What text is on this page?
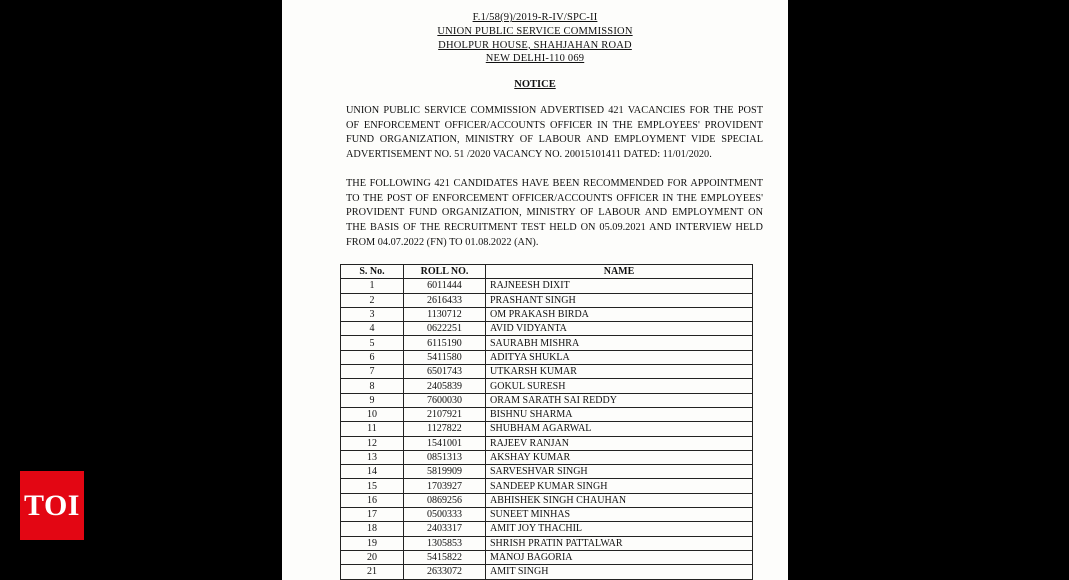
F.1/58(9)/2019-R-IV/SPC-II
UNION PUBLIC SERVICE COMMISSION
DHOLPUR HOUSE, SHAHJAHAN ROAD
NEW DELHI-110 069
NOTICE

UNION PUBLIC SERVICE COMMISSION ADVERTISED 421 VACANCIES FOR THE POST OF ENFORCEMENT OFFICER/ACCOUNTS OFFICER IN THE EMPLOYEES' PROVIDENT FUND ORGANIZATION, MINISTRY OF LABOUR AND EMPLOYMENT VIDE SPECIAL ADVERTISEMENT NO. 51 /2020 VACANCY NO. 20015101411 DATED: 11/01/2020.

THE FOLLOWING 421 CANDIDATES HAVE BEEN RECOMMENDED FOR APPOINTMENT TO THE POST OF ENFORCEMENT OFFICER/ACCOUNTS OFFICER IN THE EMPLOYEES' PROVIDENT FUND ORGANIZATION, MINISTRY OF LABOUR AND EMPLOYMENT ON THE BASIS OF THE RECRUITMENT TEST HELD ON 05.09.2021 AND INTERVIEW HELD FROM 04.07.2022 (FN) TO 01.08.2022 (AN).

S. No.	ROLL NO.	NAME
1	6011444	RAJNEESH DIXIT
2	2616433	PRASHANT SINGH
3	1130712	OM PRAKASH BIRDA
4	0622251	AVID VIDYANTA
5	6115190	SAURABH MISHRA
6	5411580	ADITYA SHUKLA
7	6501743	UTKARSH KUMAR
8	2405839	GOKUL SURESH
9	7600030	ORAM SARATH SAI REDDY
10	2107921	BISHNU SHARMA
11	1127822	SHUBHAM AGARWAL
12	1541001	RAJEEV RANJAN
13	0851313	AKSHAY KUMAR
14	5819909	SARVESHVAR SINGH
15	1703927	SANDEEP KUMAR SINGH
16	0869256	ABHISHEK SINGH CHAUHAN
17	0500333	SUNEET MINHAS
18	2403317	AMIT JOY THACHIL
19	1305853	SHRISH PRATIN PATTALWAR
20	5415822	MANOJ BAGORIA
21	2633072	AMIT SINGH
TOI
